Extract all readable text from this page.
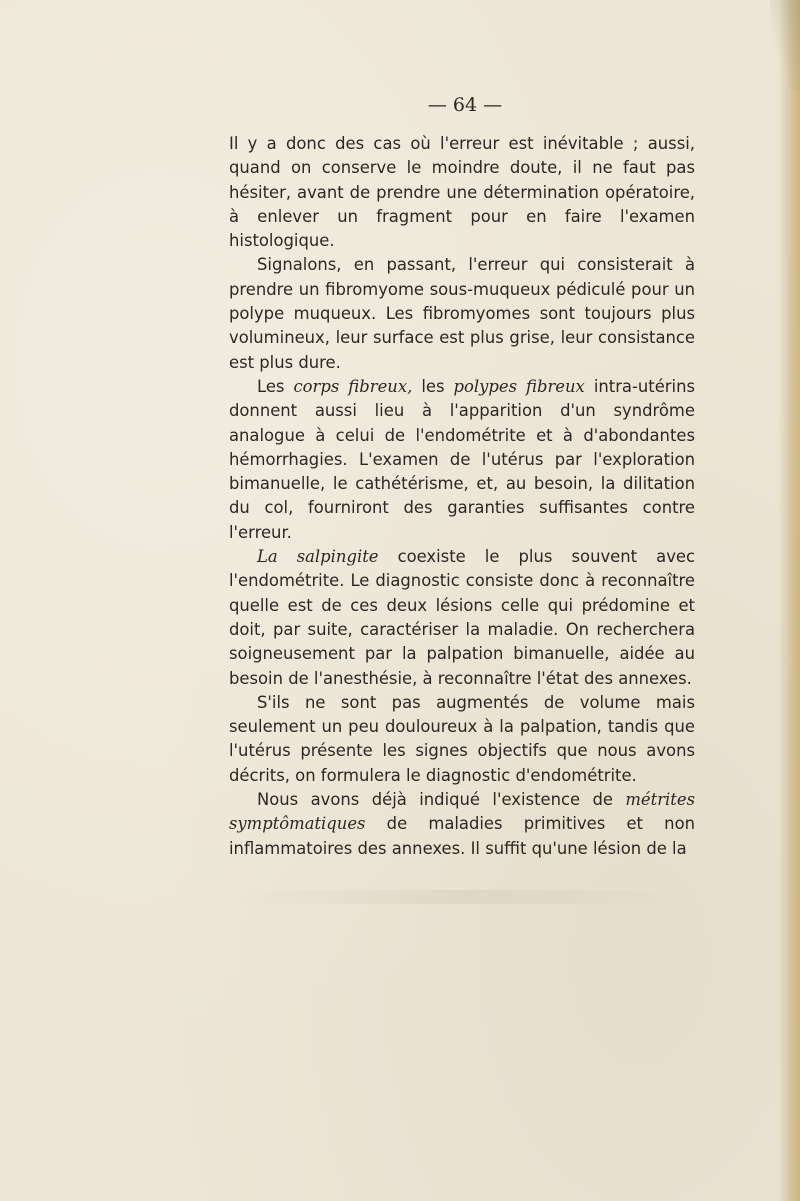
— 64 —

Il y a donc des cas où l'erreur est inévitable ; aussi, quand on conserve le moindre doute, il ne faut pas hésiter, avant de prendre une détermination opératoire, à enlever un fragment pour en faire l'examen histologique.

Signalons, en passant, l'erreur qui consisterait à prendre un fibromyome sous-muqueux pédiculé pour un polype muqueux. Les fibromyomes sont toujours plus volumineux, leur surface est plus grise, leur consistance est plus dure.

Les corps fibreux, les polypes fibreux intra-utérins donnent aussi lieu à l'apparition d'un syndrôme analogue à celui de l'endométrite et à d'abondantes hémorrhagies. L'examen de l'utérus par l'exploration bimanuelle, le cathétérisme, et, au besoin, la dilitation du col, fourniront des garanties suffisantes contre l'erreur.

La salpingite coexiste le plus souvent avec l'endométrite. Le diagnostic consiste donc à reconnaître quelle est de ces deux lésions celle qui prédomine et doit, par suite, caractériser la maladie. On recherchera soigneusement par la palpation bimanuelle, aidée au besoin de l'anesthésie, à reconnaître l'état des annexes.

S'ils ne sont pas augmentés de volume mais seulement un peu douloureux à la palpation, tandis que l'utérus présente les signes objectifs que nous avons décrits, on formulera le diagnostic d'endométrite.

Nous avons déjà indiqué l'existence de métrites symptômatiques de maladies primitives et non inflammatoires des annexes. Il suffit qu'une lésion de la
